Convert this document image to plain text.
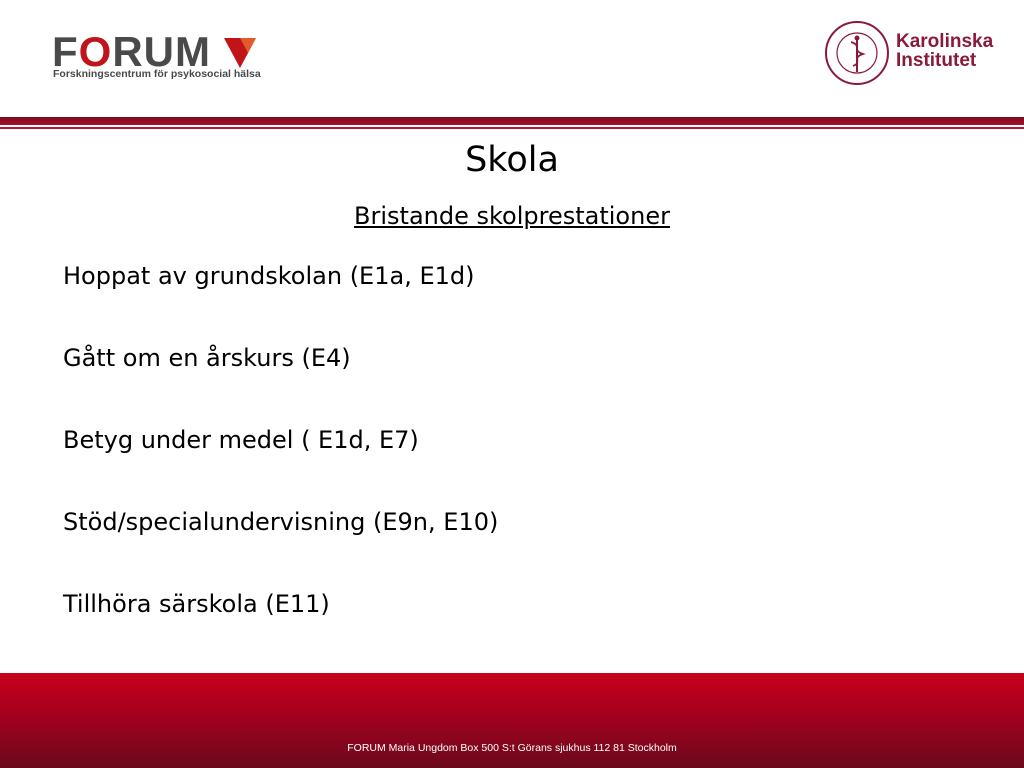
FORUM
Forskningscentrum för psykosocial hälsa
Karolinska
Institutet
Skola
Bristande skolprestationer
Hoppat av grundskolan (E1a, E1d)
Gått om en årskurs (E4)
Betyg under medel ( E1d, E7)
Stöd/specialundervisning (E9n, E10)
Tillhöra särskola (E11)
FORUM Maria Ungdom Box 500 S:t Görans sjukhus 112 81 Stockholm
